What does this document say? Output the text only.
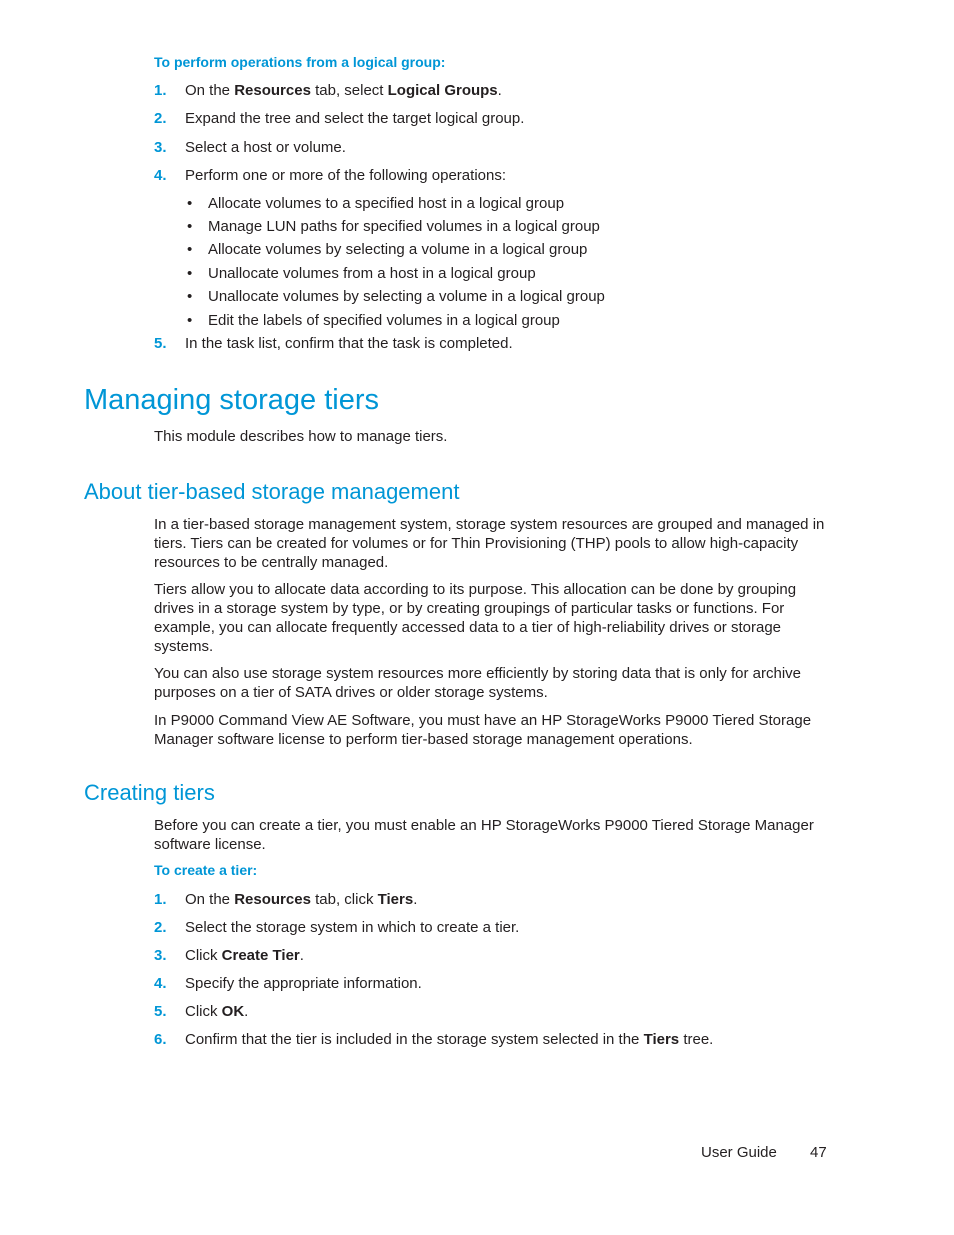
To perform operations from a logical group:
1. On the Resources tab, select Logical Groups.
2. Expand the tree and select the target logical group.
3. Select a host or volume.
4. Perform one or more of the following operations:
• Allocate volumes to a specified host in a logical group
• Manage LUN paths for specified volumes in a logical group
• Allocate volumes by selecting a volume in a logical group
• Unallocate volumes from a host in a logical group
• Unallocate volumes by selecting a volume in a logical group
• Edit the labels of specified volumes in a logical group
5. In the task list, confirm that the task is completed.
Managing storage tiers
This module describes how to manage tiers.
About tier-based storage management
In a tier-based storage management system, storage system resources are grouped and managed in
tiers. Tiers can be created for volumes or for Thin Provisioning (THP) pools to allow high-capacity
resources to be centrally managed.
Tiers allow you to allocate data according to its purpose. This allocation can be done by grouping
drives in a storage system by type, or by creating groupings of particular tasks or functions. For
example, you can allocate frequently accessed data to a tier of high-reliability drives or storage
systems.
You can also use storage system resources more efficiently by storing data that is only for archive
purposes on a tier of SATA drives or older storage systems.
In P9000 Command View AE Software, you must have an HP StorageWorks P9000 Tiered Storage
Manager software license to perform tier-based storage management operations.
Creating tiers
Before you can create a tier, you must enable an HP StorageWorks P9000 Tiered Storage Manager
software license.
To create a tier:
1. On the Resources tab, click Tiers.
2. Select the storage system in which to create a tier.
3. Click Create Tier.
4. Specify the appropriate information.
5. Click OK.
6. Confirm that the tier is included in the storage system selected in the Tiers tree.
User Guide 47
